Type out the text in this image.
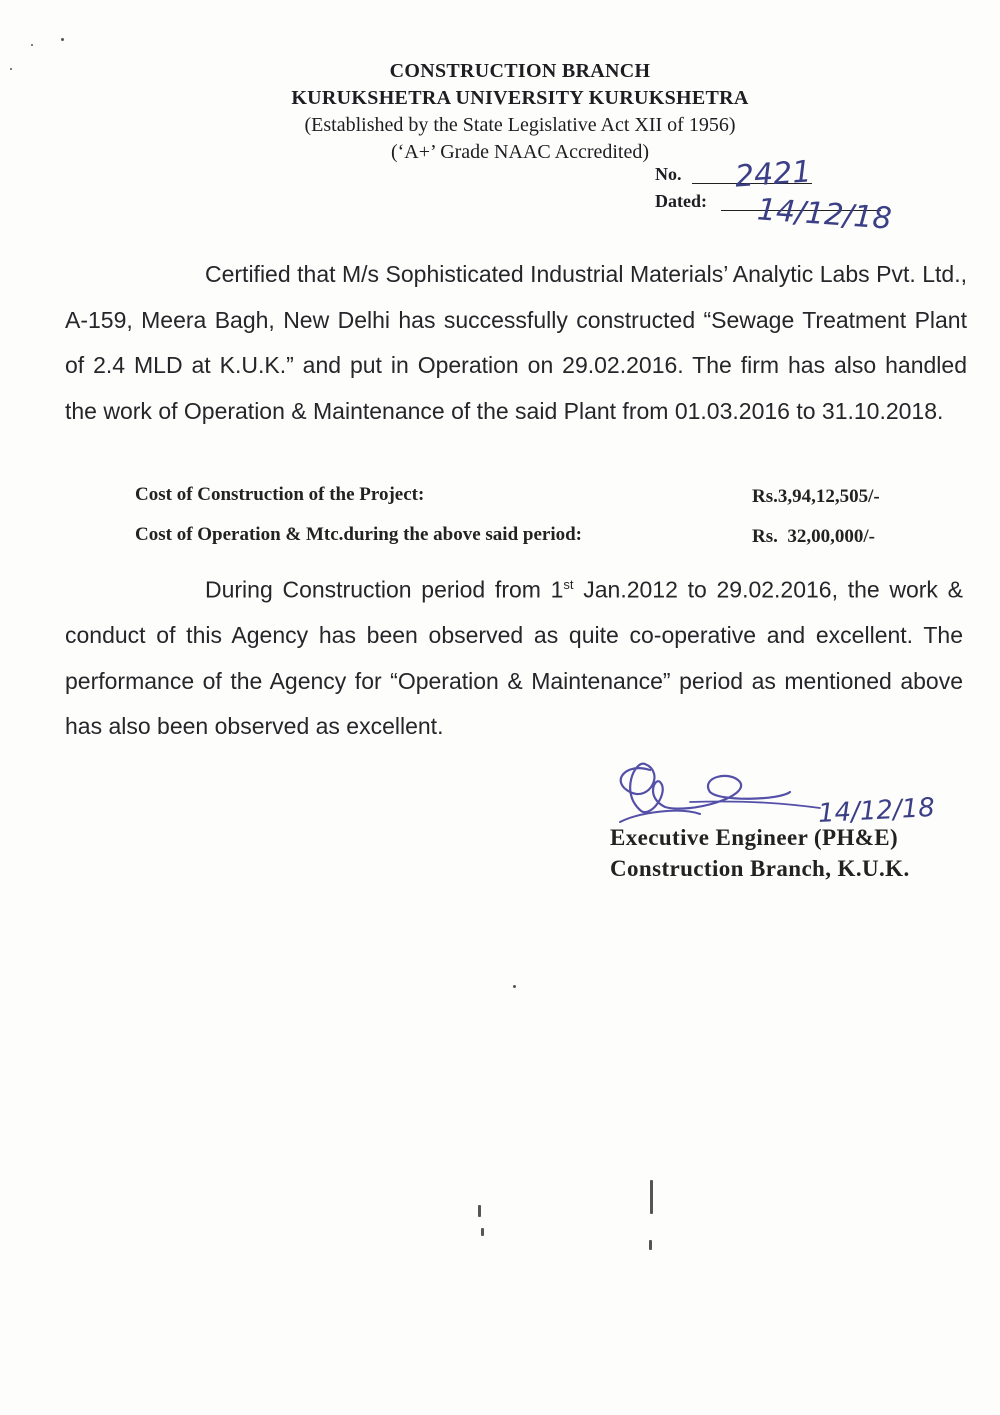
CONSTRUCTION BRANCH
KURUKSHETRA UNIVERSITY KURUKSHETRA
(Established by the State Legislative Act XII of 1956)
(‘A+’ Grade NAAC Accredited)
No.
Dated:
2421
14/12/18

Certified that M/s Sophisticated Industrial Materials’ Analytic Labs Pvt. Ltd., A-159, Meera Bagh, New Delhi has successfully constructed “Sewage Treatment Plant of 2.4 MLD at K.U.K.” and put in Operation on 29.02.2016. The firm has also handled the work of Operation & Maintenance of the said Plant from 01.03.2016 to 31.10.2018.

Cost of Construction of the Project:	Rs.3,94,12,505/-
Cost of Operation & Mtc.during the above said period:	Rs.  32,00,000/-

During Construction period from 1st Jan.2012 to 29.02.2016, the work & conduct of this Agency has been observed as quite co-operative and excellent. The performance of the Agency for “Operation & Maintenance” period as mentioned above has also been observed as excellent.

14/12/18
Executive Engineer (PH&E)
Construction Branch, K.U.K.
